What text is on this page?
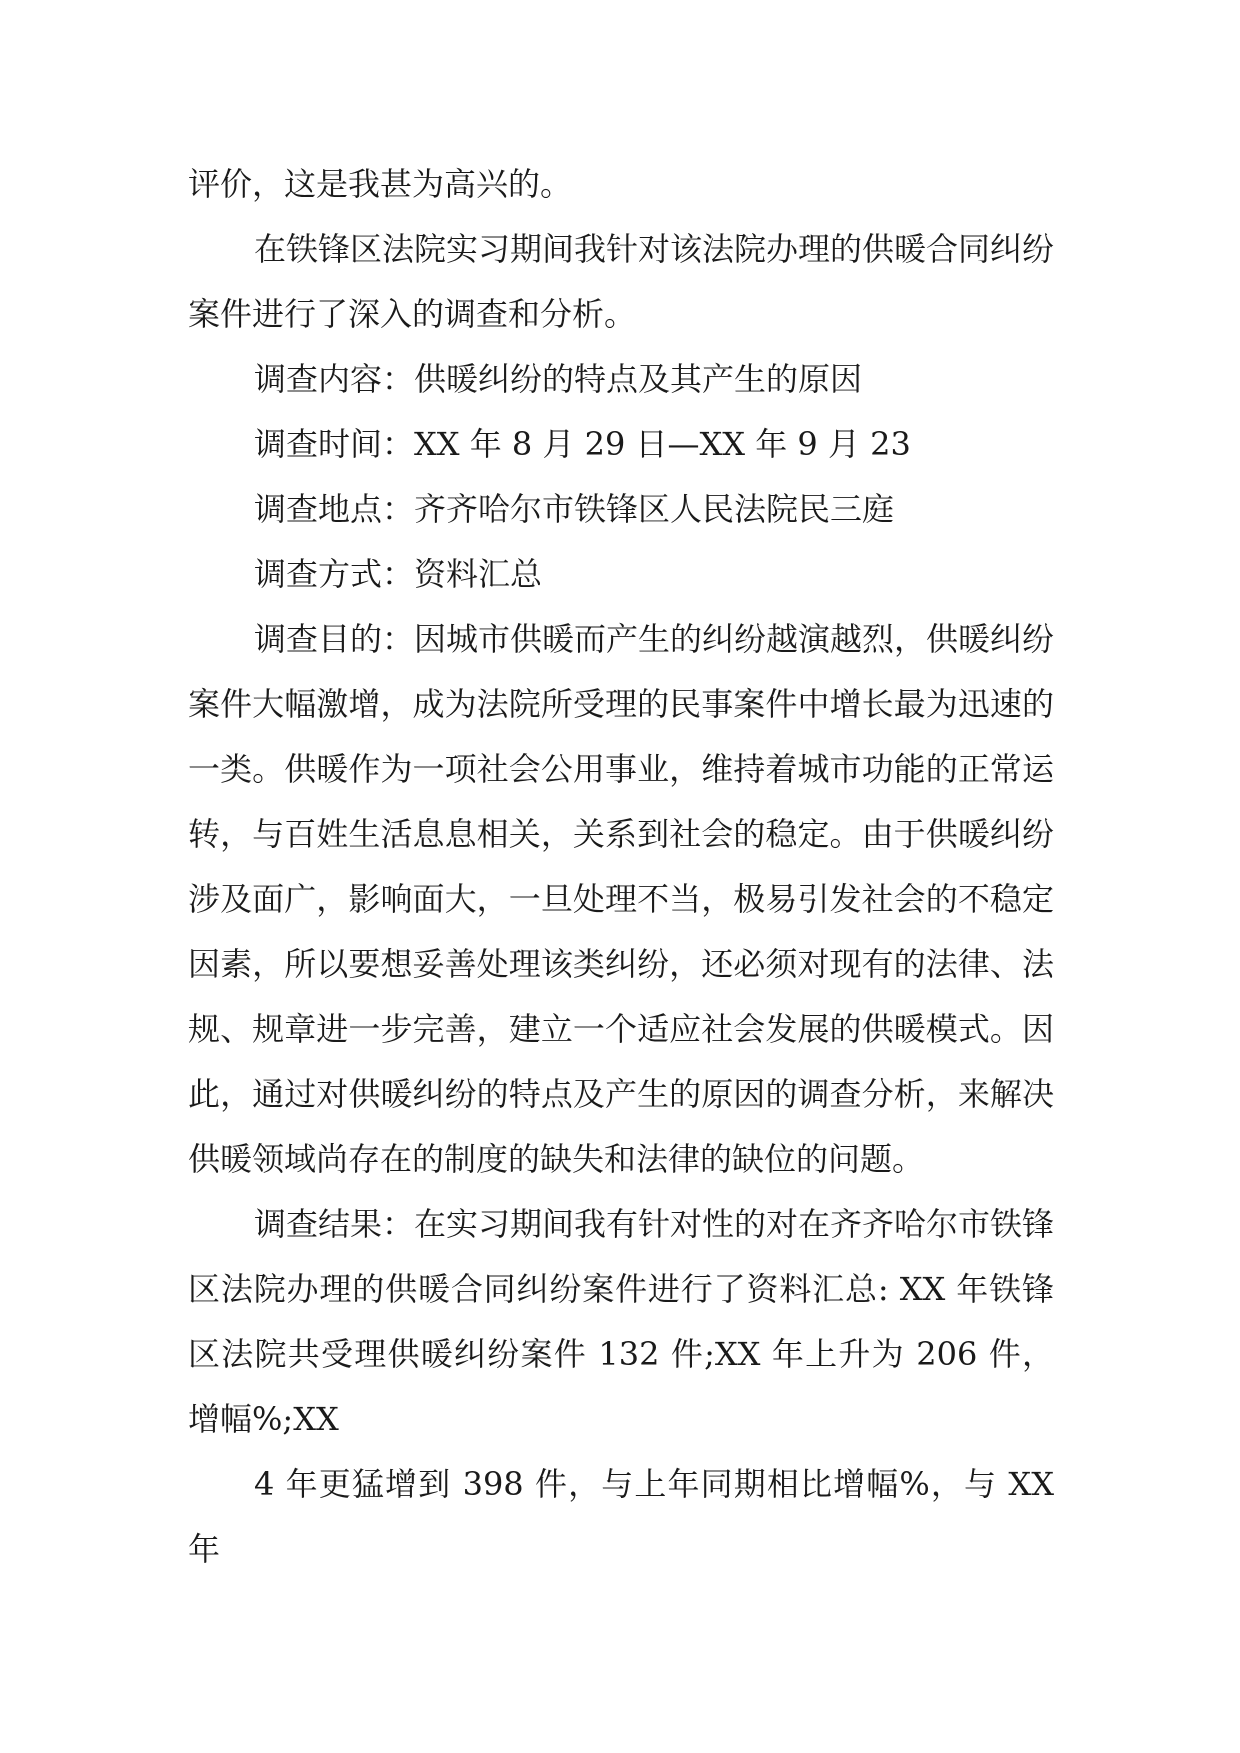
评价，这是我甚为高兴的。

在铁锋区法院实习期间我针对该法院办理的供暖合同纠纷案件进行了深入的调查和分析。

调查内容：供暖纠纷的特点及其产生的原因

调查时间：XX 年 8 月 29 日—XX 年 9 月 23

调查地点：齐齐哈尔市铁锋区人民法院民三庭

调查方式：资料汇总

调查目的：因城市供暖而产生的纠纷越演越烈，供暖纠纷案件大幅激增，成为法院所受理的民事案件中增长最为迅速的一类。供暖作为一项社会公用事业，维持着城市功能的正常运转，与百姓生活息息相关，关系到社会的稳定。由于供暖纠纷涉及面广，影响面大，一旦处理不当，极易引发社会的不稳定因素，所以要想妥善处理该类纠纷，还必须对现有的法律、法规、规章进一步完善，建立一个适应社会发展的供暖模式。因此，通过对供暖纠纷的特点及产生的原因的调查分析，来解决供暖领域尚存在的制度的缺失和法律的缺位的问题。

调查结果：在实习期间我有针对性的对在齐齐哈尔市铁锋区法院办理的供暖合同纠纷案件进行了资料汇总: XX 年铁锋区法院共受理供暖纠纷案件 132 件;XX 年上升为 206 件，增幅%;XX

4 年更猛增到 398 件，与上年同期相比增幅%，与 XX 年
